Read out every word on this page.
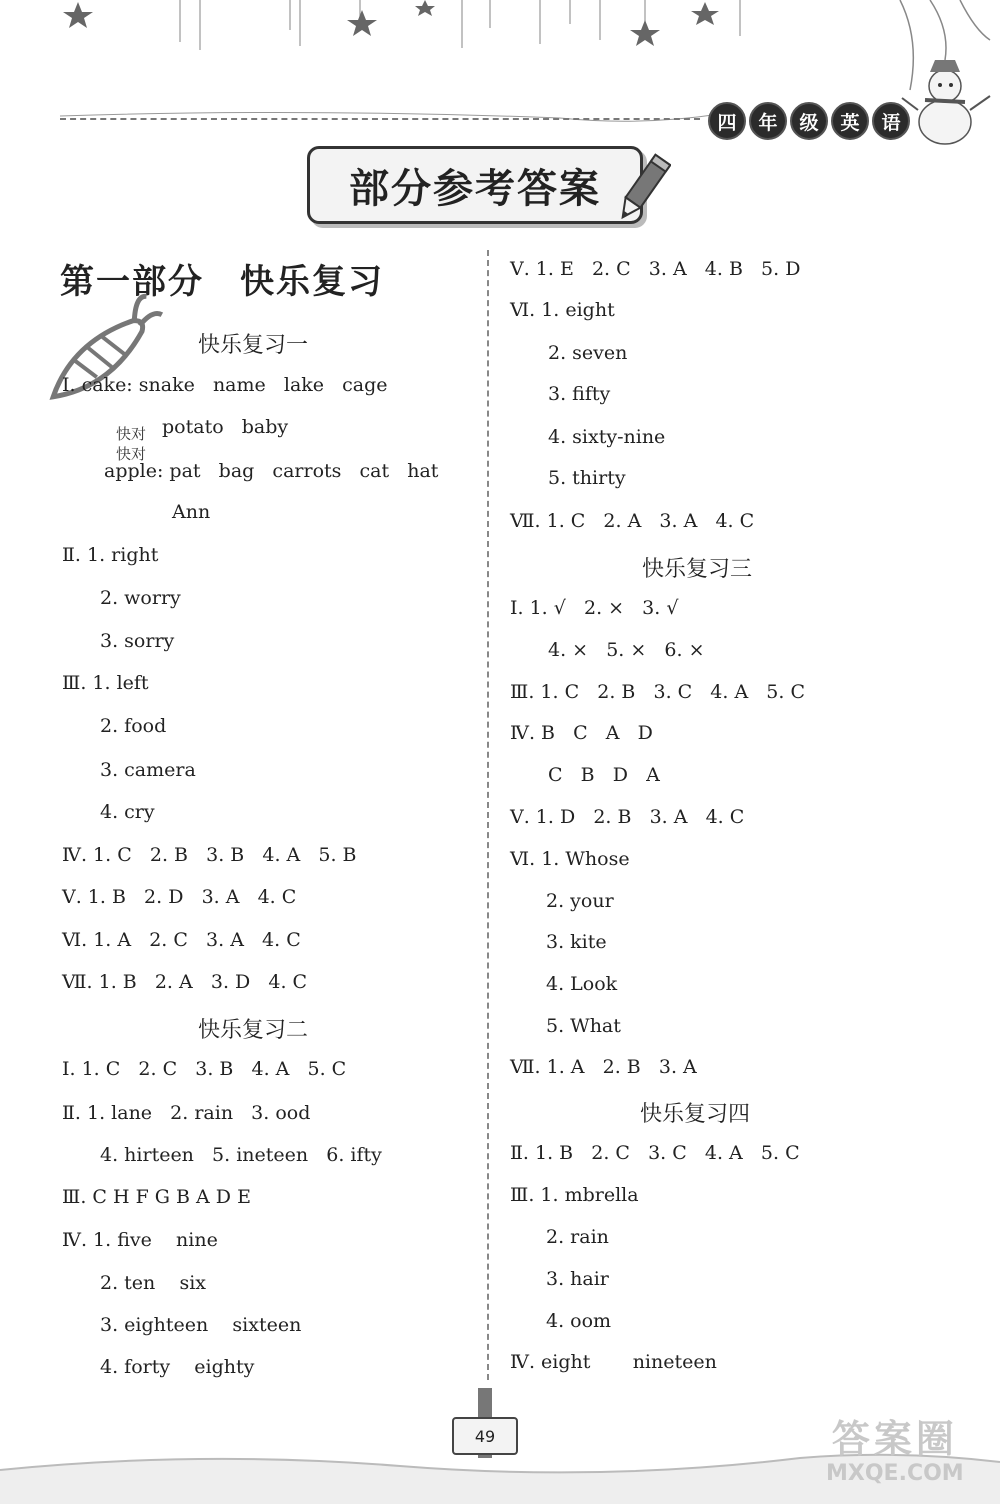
四	年	级	英	语
部分参考答案
第一部分　快乐复习
快对
快对
快乐复习一
Ⅰ. cake: snake   name   lake   cage
potato   baby
apple: pat   bag   carrots   cat   hat
Ann
Ⅱ. 1. right
2. worry
3. sorry
Ⅲ. 1. left
2. food
3. camera
4. cry
Ⅳ. 1. C   2. B   3. B   4. A   5. B
Ⅴ. 1. B   2. D   3. A   4. C
Ⅵ. 1. A   2. C   3. A   4. C
Ⅶ. 1. B   2. A   3. D   4. C
快乐复习二
Ⅰ. 1. C   2. C   3. B   4. A   5. C
Ⅱ. 1. lane   2. rain   3. ood
4. hirteen   5. ineteen   6. ifty
Ⅲ. C H F G B A D E
Ⅳ. 1. five    nine
2. ten    six
3. eighteen    sixteen
4. forty    eighty
Ⅴ. 1. E   2. C   3. A   4. B   5. D
Ⅵ. 1. eight
2. seven
3. fifty
4. sixty-nine
5. thirty
Ⅶ. 1. C   2. A   3. A   4. C
快乐复习三
Ⅰ. 1. √   2. ×   3. √
4. ×   5. ×   6. ×
Ⅲ. 1. C   2. B   3. C   4. A   5. C
Ⅳ. B   C   A   D
C   B   D   A
Ⅴ. 1. D   2. B   3. A   4. C
Ⅵ. 1. Whose
2. your
3. kite
4. Look
5. What
Ⅶ. 1. A   2. B   3. A
快乐复习四
Ⅱ. 1. B   2. C   3. C   4. A   5. C
Ⅲ. 1. mbrella
2. rain
3. hair
4. oom
Ⅳ. eight       nineteen
49	答案圈
MXQE.COM
